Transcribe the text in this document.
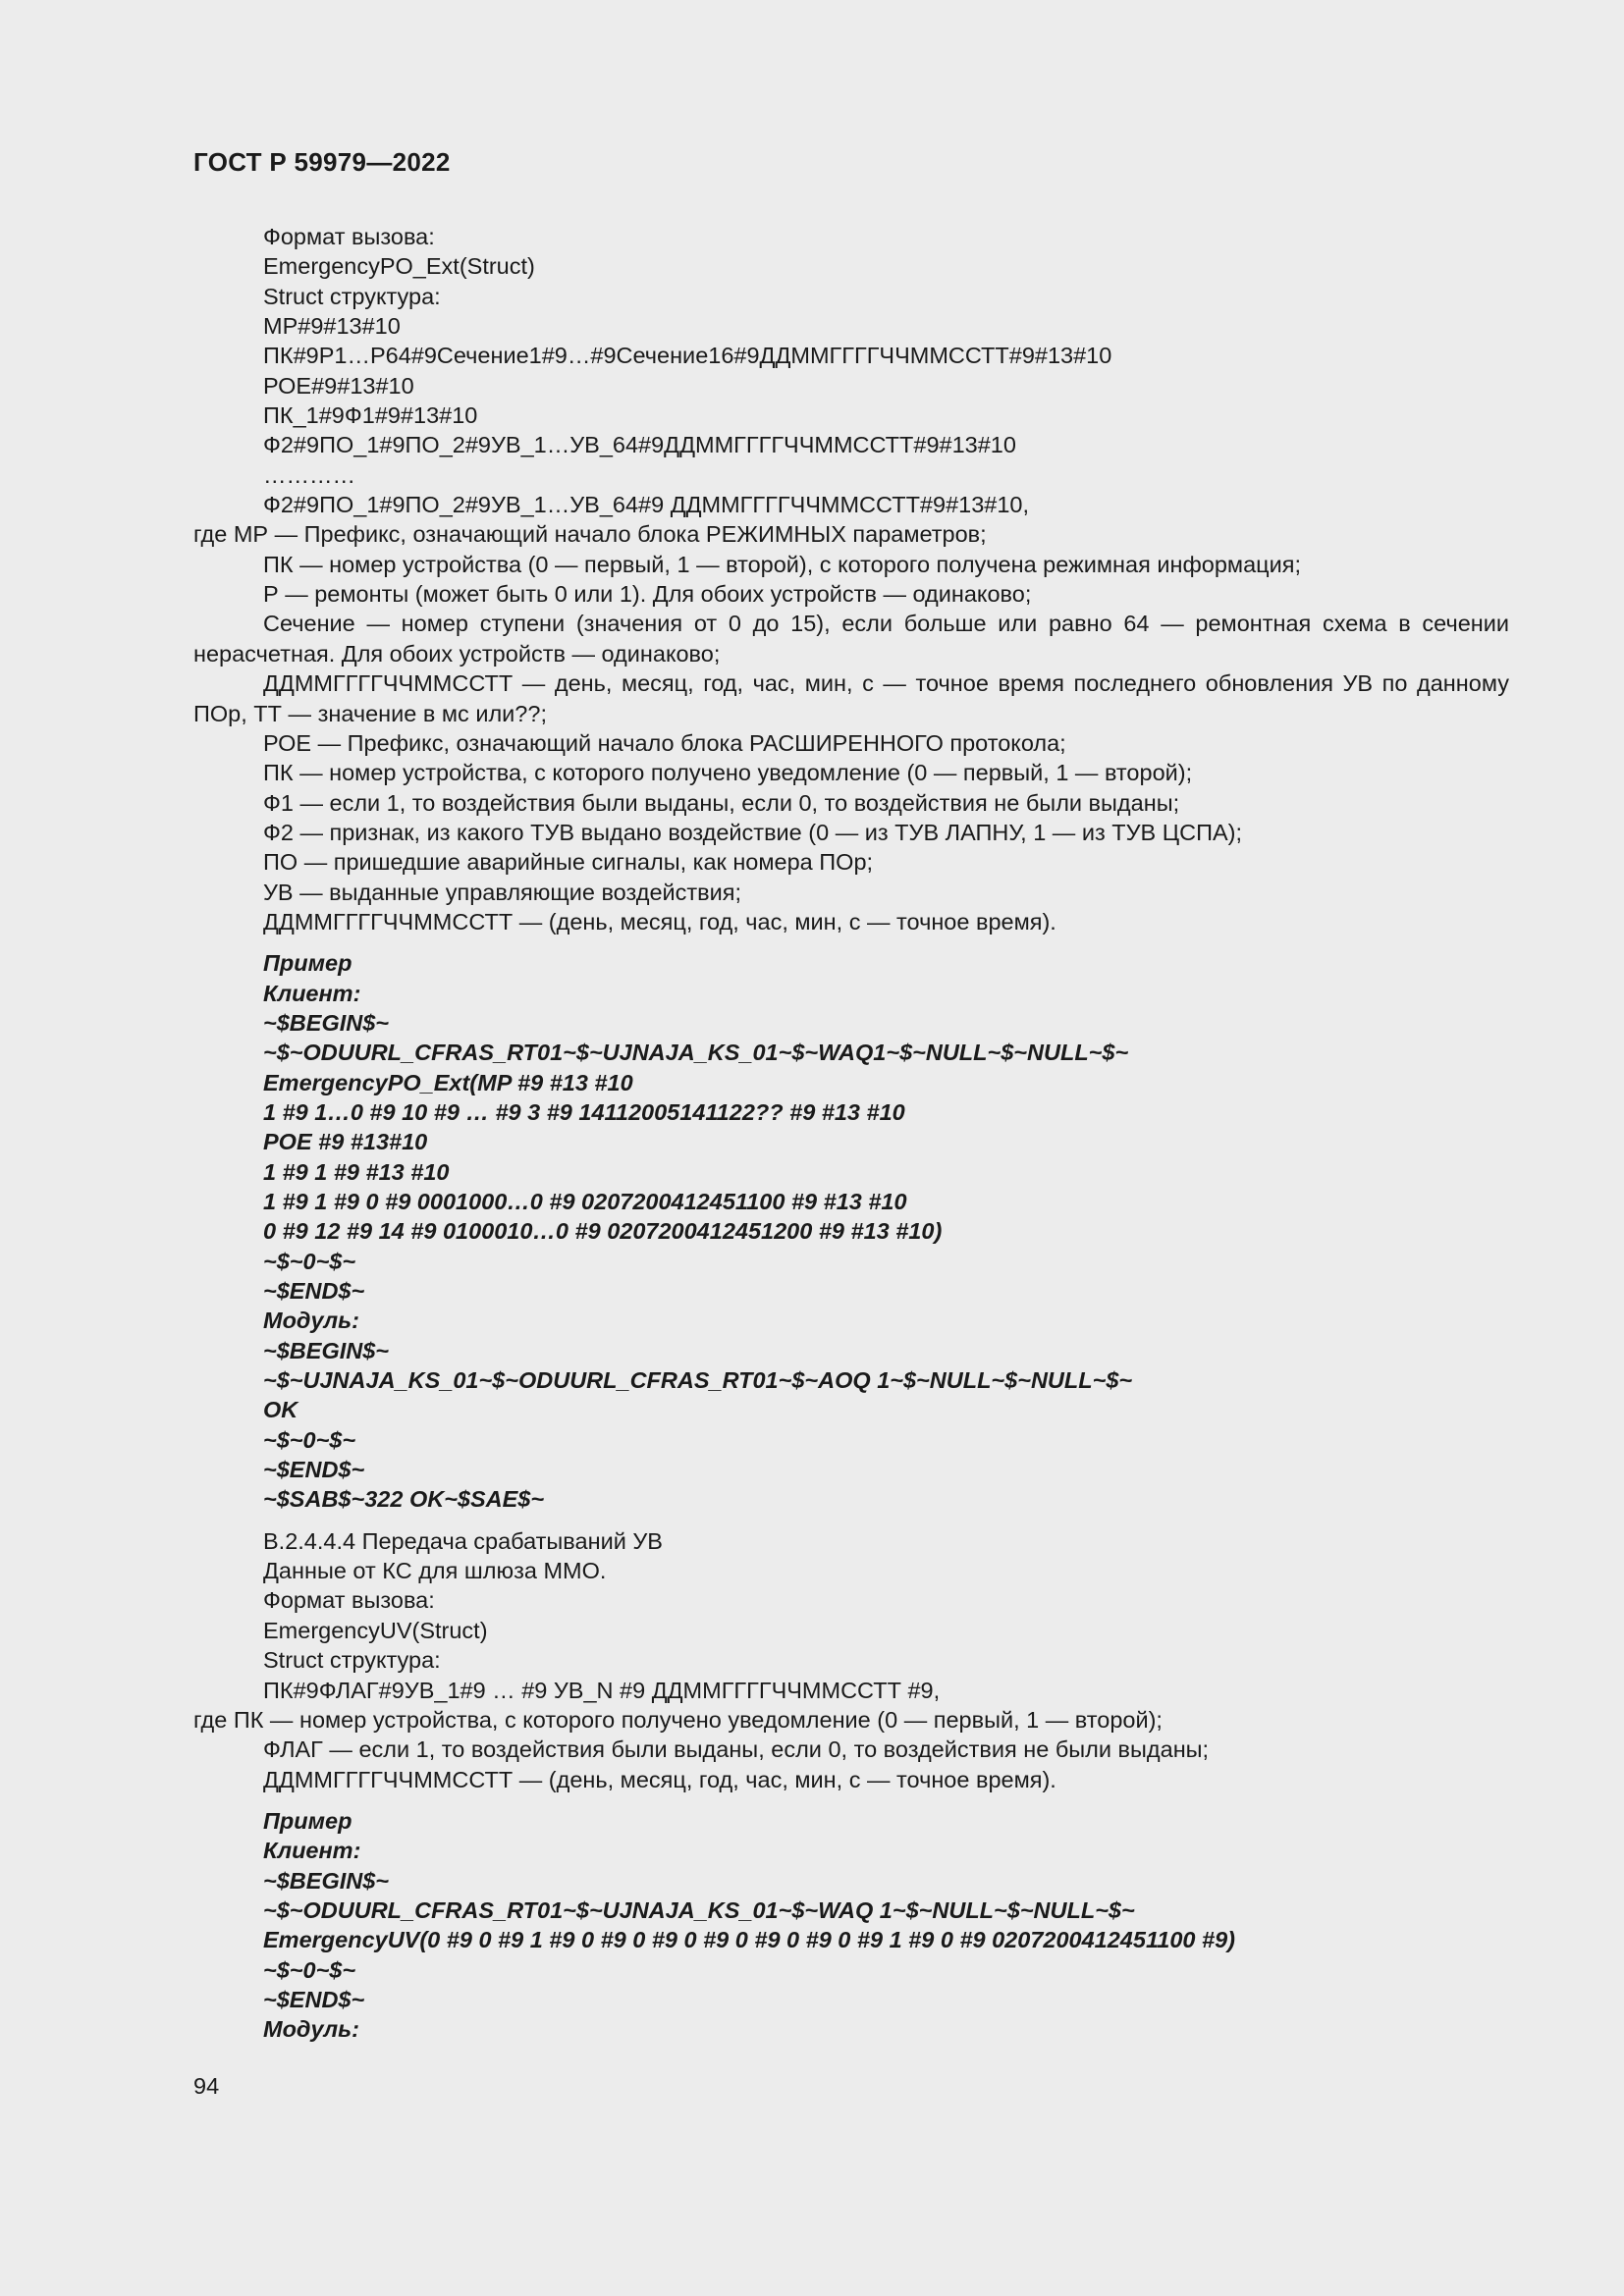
ГОСТ Р 59979—2022
Формат вызова:
EmergencyPO_Ext(Struct)
Struct структура:
МР#9#13#10
ПК#9Р1…Р64#9Сечение1#9…#9Сечение16#9ДДММГГГГЧЧММССТТ#9#13#10
РОЕ#9#13#10
ПК_1#9Ф1#9#13#10
Ф2#9ПО_1#9ПО_2#9УВ_1…УВ_64#9ДДММГГГГЧЧММССТТ#9#13#10
…………
Ф2#9ПО_1#9ПО_2#9УВ_1…УВ_64#9 ДДММГГГГЧЧММССТТ#9#13#10,
где МР — Префикс, означающий начало блока РЕЖИМНЫХ параметров;
ПК — номер устройства (0 — первый, 1 — второй), с которого получена режимная информация;
Р — ремонты (может быть 0 или 1). Для обоих устройств — одинаково;
Сечение — номер ступени (значения от 0 до 15), если больше или равно 64 — ремонтная схема в сечении нерасчетная. Для обоих устройств — одинаково;
ДДММГГГГЧЧММССТТ — день, месяц, год, час, мин, с — точное время последнего обновления УВ по данному ПОр, ТТ — значение в мс или??;
РОЕ — Префикс, означающий начало блока РАСШИРЕННОГО протокола;
ПК — номер устройства, с которого получено уведомление (0 — первый, 1 — второй);
Ф1 — если 1, то воздействия были выданы, если 0, то воздействия не были выданы;
Ф2 — признак, из какого ТУВ выдано воздействие (0 — из ТУВ ЛАПНУ, 1 — из ТУВ ЦСПА);
ПО — пришедшие аварийные сигналы, как номера ПОр;
УВ — выданные управляющие воздействия;
ДДММГГГГЧЧММССТТ — (день, месяц, год, час, мин, с — точное время).
Пример
Клиент:
~$BEGIN$~
~$~ODUURL_CFRAS_RT01~$~UJNAJA_KS_01~$~WAQ1~$~NULL~$~NULL~$~
EmergencyPO_Ext(MP #9 #13 #10
1 #9 1…0 #9 10 #9 … #9 3 #9 14112005141122?? #9 #13 #10
POE #9 #13#10
1 #9 1 #9 #13 #10
1 #9 1 #9 0 #9 0001000…0 #9 0207200412451100 #9 #13 #10
0 #9 12 #9 14 #9 0100010…0 #9 0207200412451200 #9 #13 #10)
~$~0~$~
~$END$~
Модуль:
~$BEGIN$~
~$~UJNAJA_KS_01~$~ODUURL_CFRAS_RT01~$~AOQ 1~$~NULL~$~NULL~$~
OK
~$~0~$~
~$END$~
~$SAB$~322 OK~$SAE$~
В.2.4.4.4 Передача срабатываний УВ
Данные от КС для шлюза ММО.
Формат вызова:
EmergencyUV(Struct)
Struct структура:
ПК#9ФЛАГ#9УВ_1#9 … #9 УВ_N #9 ДДММГГГГЧЧММССТТ #9,
где ПК — номер устройства, с которого получено уведомление (0 — первый, 1 — второй);
ФЛАГ — если 1, то воздействия были выданы, если 0, то воздействия не были выданы;
ДДММГГГГЧЧММССТТ — (день, месяц, год, час, мин, с — точное время).
Пример
Клиент:
~$BEGIN$~
~$~ODUURL_CFRAS_RT01~$~UJNAJA_KS_01~$~WAQ 1~$~NULL~$~NULL~$~
EmergencyUV(0 #9 0 #9 1 #9 0 #9 0 #9 0 #9 0 #9 0 #9 0 #9 1 #9 0 #9 0207200412451100 #9)
~$~0~$~
~$END$~
Модуль:
94
